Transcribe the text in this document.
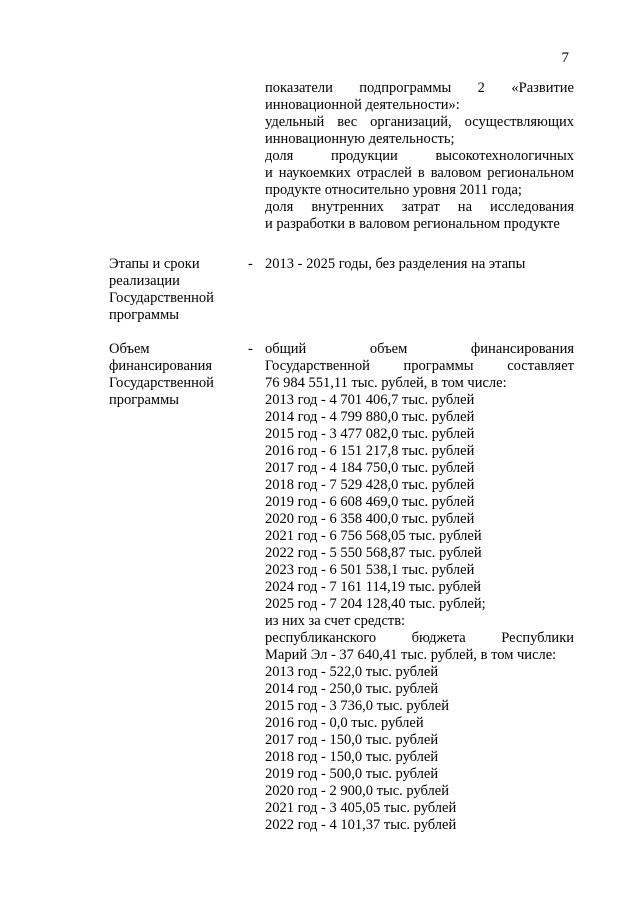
7
показатели подпрограммы 2 «Развитие
инновационной деятельности»:
удельный вес организаций, осуществляющих
инновационную деятельность;
доля продукции высокотехнологичных
и наукоемких отраслей в валовом региональном
продукте относительно уровня 2011 года;
доля внутренних затрат на исследования
и разработки в валовом региональном продукте
Этапы и сроки
реализации
Государственной
программы
- 2013 - 2025 годы, без разделения на этапы
Объем
финансирования
Государственной
программы
- общий объем финансирования
Государственной программы составляет
76 984 551,11 тыс. рублей, в том числе:
2013 год - 4 701 406,7 тыс. рублей
2014 год - 4 799 880,0 тыс. рублей
2015 год - 3 477 082,0 тыс. рублей
2016 год - 6 151 217,8 тыс. рублей
2017 год - 4 184 750,0 тыс. рублей
2018 год - 7 529 428,0 тыс. рублей
2019 год - 6 608 469,0 тыс. рублей
2020 год - 6 358 400,0 тыс. рублей
2021 год - 6 756 568,05 тыс. рублей
2022 год - 5 550 568,87 тыс. рублей
2023 год - 6 501 538,1 тыс. рублей
2024 год - 7 161 114,19 тыс. рублей
2025 год - 7 204 128,40 тыс. рублей;
из них за счет средств:
республиканского бюджета Республики
Марий Эл - 37 640,41 тыс. рублей, в том числе:
2013 год - 522,0 тыс. рублей
2014 год - 250,0 тыс. рублей
2015 год - 3 736,0 тыс. рублей
2016 год - 0,0 тыс. рублей
2017 год - 150,0 тыс. рублей
2018 год - 150,0 тыс. рублей
2019 год - 500,0 тыс. рублей
2020 год - 2 900,0 тыс. рублей
2021 год - 3 405,05 тыс. рублей
2022 год - 4 101,37 тыс. рублей
